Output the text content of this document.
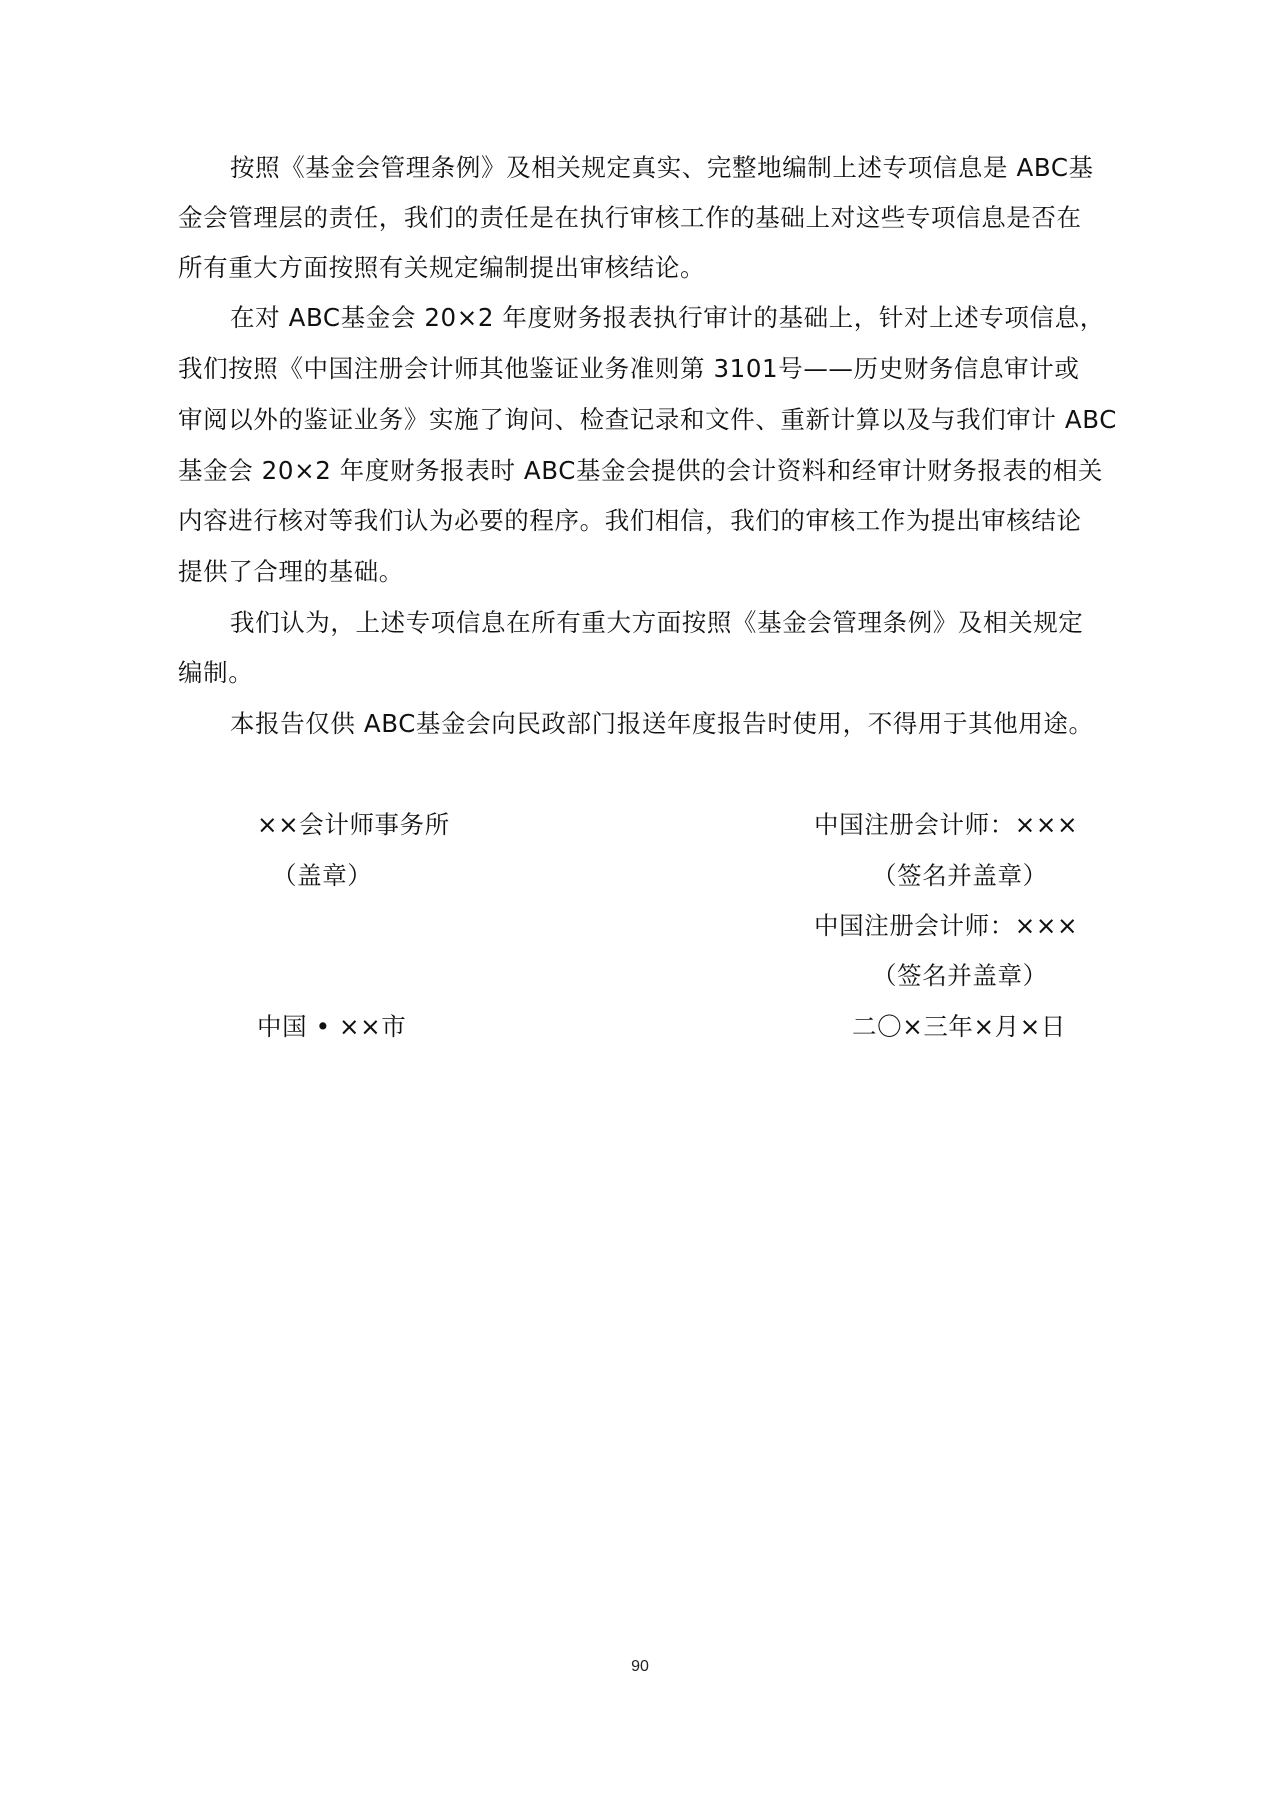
按照《基金会管理条例》及相关规定真实、完整地编制上述专项信息是 ABC基
金会管理层的责任，我们的责任是在执行审核工作的基础上对这些专项信息是否在
所有重大方面按照有关规定编制提出审核结论。
在对 ABC基金会 20×2 年度财务报表执行审计的基础上，针对上述专项信息，
我们按照《中国注册会计师其他鉴证业务准则第 3101号——历史财务信息审计或
审阅以外的鉴证业务》实施了询问、检查记录和文件、重新计算以及与我们审计 ABC
基金会 20×2 年度财务报表时 ABC基金会提供的会计资料和经审计财务报表的相关
内容进行核对等我们认为必要的程序。我们相信，我们的审核工作为提出审核结论
提供了合理的基础。
我们认为，上述专项信息在所有重大方面按照《基金会管理条例》及相关规定
编制。
本报告仅供 ABC基金会向民政部门报送年度报告时使用，不得用于其他用途。
××会计师事务所
（盖章）
中国注册会计师：×××
（签名并盖章）
中国注册会计师：×××
（签名并盖章）
中国 • ××市	二〇×三年×月×日
90
